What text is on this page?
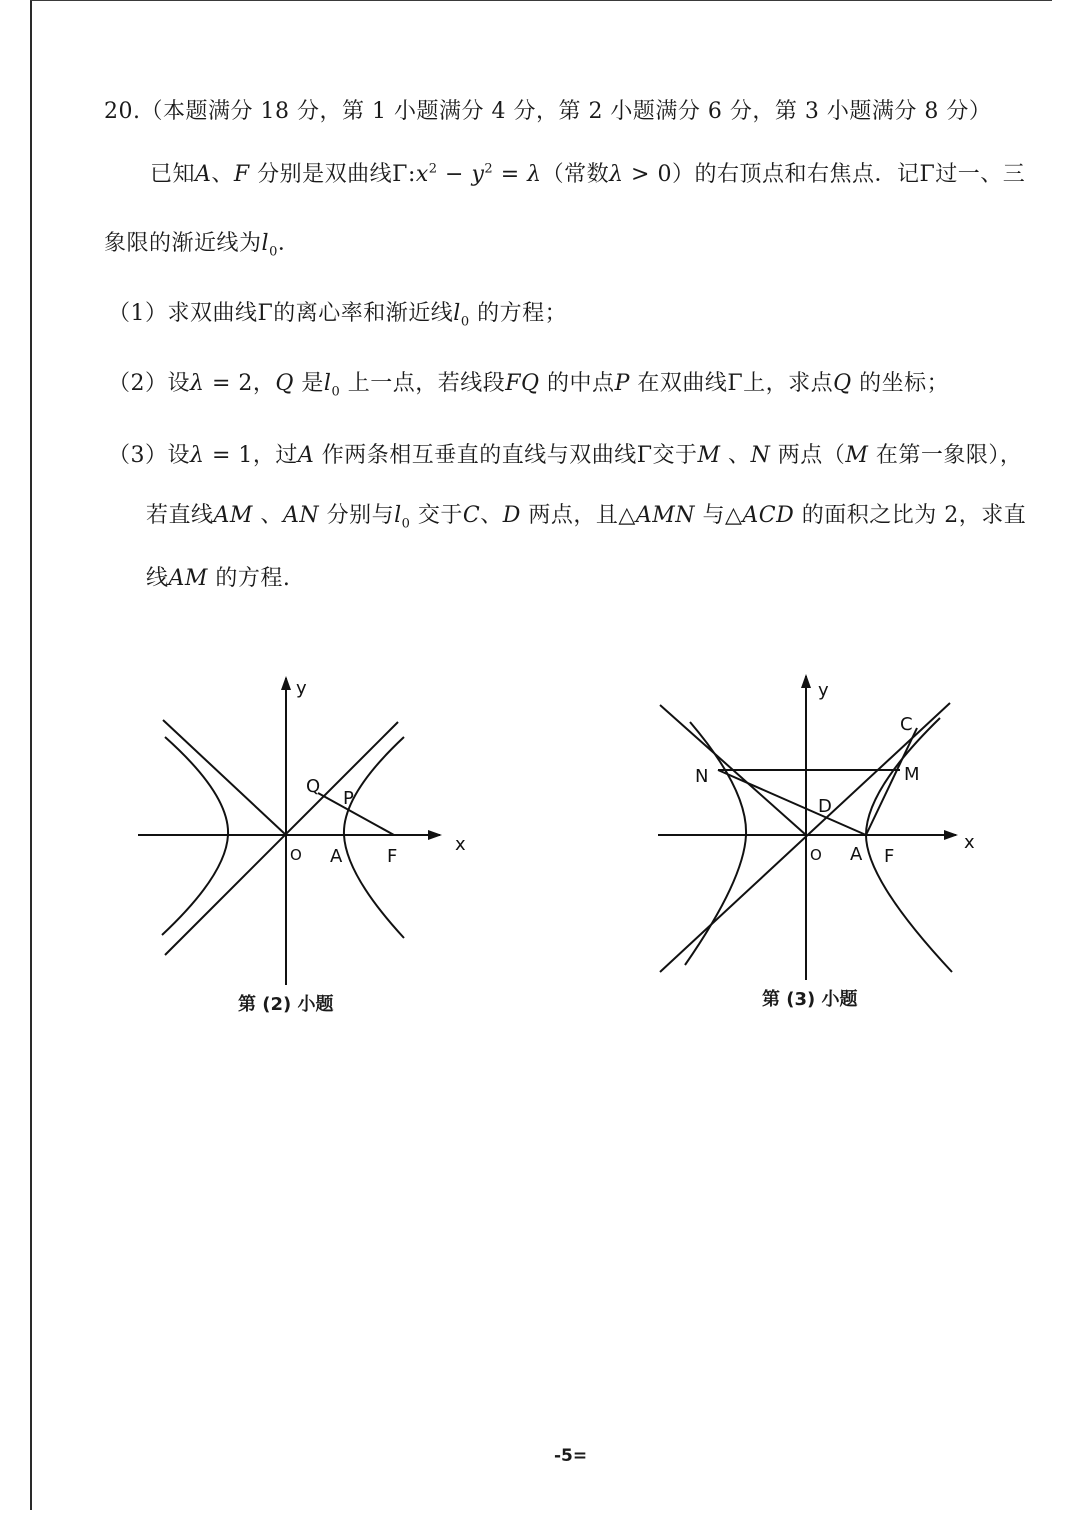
20.（本题满分 18 分，第 1 小题满分 4 分，第 2 小题满分 6 分，第 3 小题满分 8 分）
已知A、F 分别是双曲线$\Gamma:x^2 - y^2 = \lambda$（常数λ > 0）的右顶点和右焦点．记Γ过一、三
象限的渐近线为$l_0$．
（1）求双曲线Γ的离心率和渐近线$l_0$ 的方程；
（2）设λ = 2，Q 是$l_0$ 上一点，若线段FQ 的中点P 在双曲线Γ上，求点Q 的坐标；
（3）设λ = 1，过A 作两条相互垂直的直线与双曲线Γ交于M 、N 两点（M 在第一象限），
若直线AM 、AN 分别与$l_0$ 交于C、D 两点，且△AMN 与△ACD 的面积之比为 2，求直
线AM 的方程.
y
x
O A F
Q
P
y
x
O A F
C
M
N
D
第 (2) 小题	第 (3) 小题
-5=
